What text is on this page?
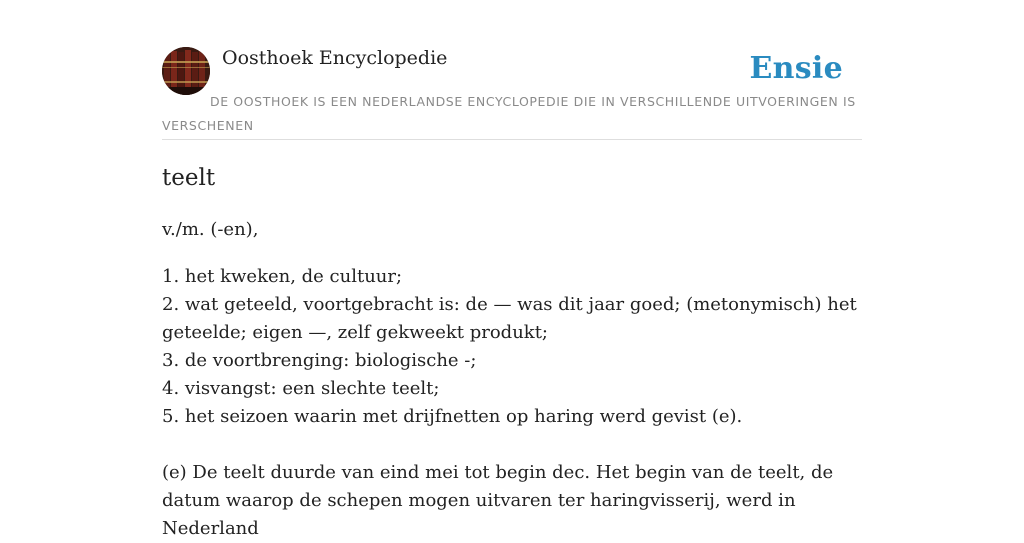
Oosthoek Encyclopedie	Ensie
DE OOSTHOEK IS EEN NEDERLANDSE ENCYCLOPEDIE DIE IN VERSCHILLENDE UITVOERINGEN IS VERSCHENEN
teelt
v./m. (-en),
1. het kweken, de cultuur;
2. wat geteeld, voortgebracht is: de — was dit jaar goed; (metonymisch) het geteelde; eigen —, zelf gekweekt produkt;
3. de voortbrenging: biologische -;
4. visvangst: een slechte teelt;
5. het seizoen waarin met drijfnetten op haring werd gevist (e).
(e) De teelt duurde van eind mei tot begin dec. Het begin van de teelt, de datum waarop de schepen mogen uitvaren ter haringvisserij, werd in Nederland
